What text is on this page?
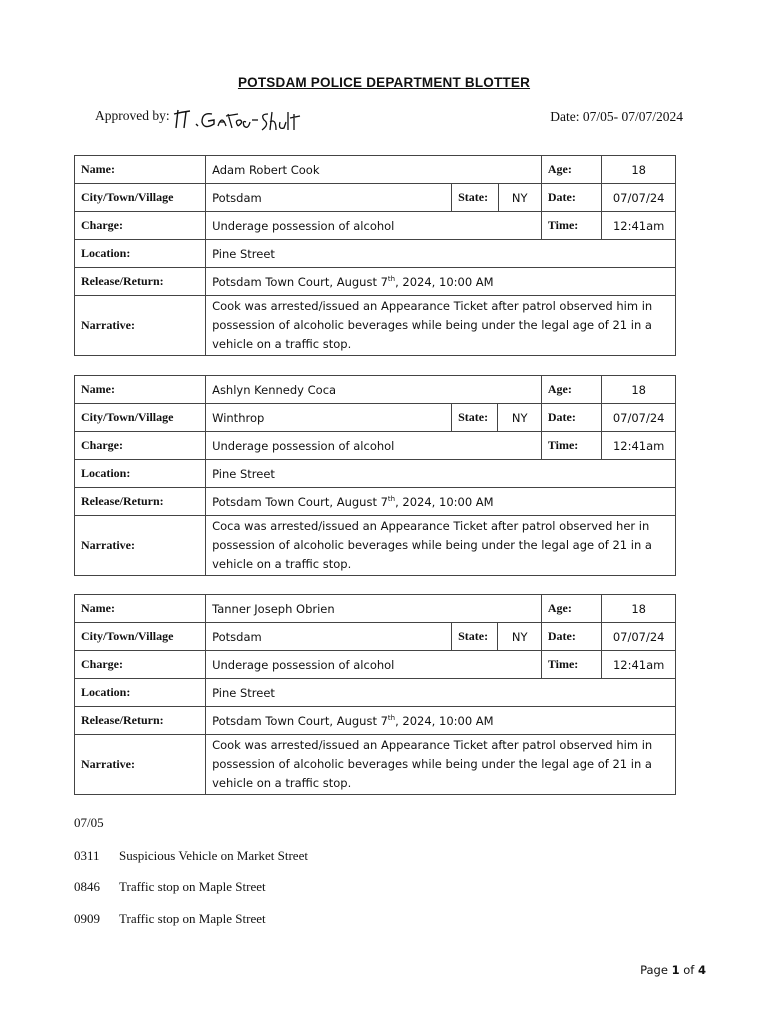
POTSDAM POLICE DEPARTMENT BLOTTER
Approved by:	Date: 07/05- 07/07/2024
Name:	Adam Robert Cook			Age:	18
City/Town/Village	Potsdam	State:	NY	Date:	07/07/24
Charge:	Underage possession of alcohol			Time:	12:41am
Location:	Pine Street				
Release/Return:	Potsdam Town Court, August 7th, 2024, 10:00 AM				
Narrative:	Cook was arrested/issued an Appearance Ticket after patrol observed him in possession of alcoholic beverages while being under the legal age of 21 in a vehicle on a traffic stop.				
Name:	Ashlyn Kennedy Coca			Age:	18
City/Town/Village	Winthrop	State:	NY	Date:	07/07/24
Charge:	Underage possession of alcohol			Time:	12:41am
Location:	Pine Street				
Release/Return:	Potsdam Town Court, August 7th, 2024, 10:00 AM				
Narrative:	Coca was arrested/issued an Appearance Ticket after patrol observed her in possession of alcoholic beverages while being under the legal age of 21 in a vehicle on a traffic stop.				
Name:	Tanner Joseph Obrien			Age:	18
City/Town/Village	Potsdam	State:	NY	Date:	07/07/24
Charge:	Underage possession of alcohol			Time:	12:41am
Location:	Pine Street				
Release/Return:	Potsdam Town Court, August 7th, 2024, 10:00 AM				
Narrative:	Cook was arrested/issued an Appearance Ticket after patrol observed him in possession of alcoholic beverages while being under the legal age of 21 in a vehicle on a traffic stop.				
07/05
0311 Suspicious Vehicle on Market Street
0846 Traffic stop on Maple Street
0909 Traffic stop on Maple Street
Page 1 of 4
